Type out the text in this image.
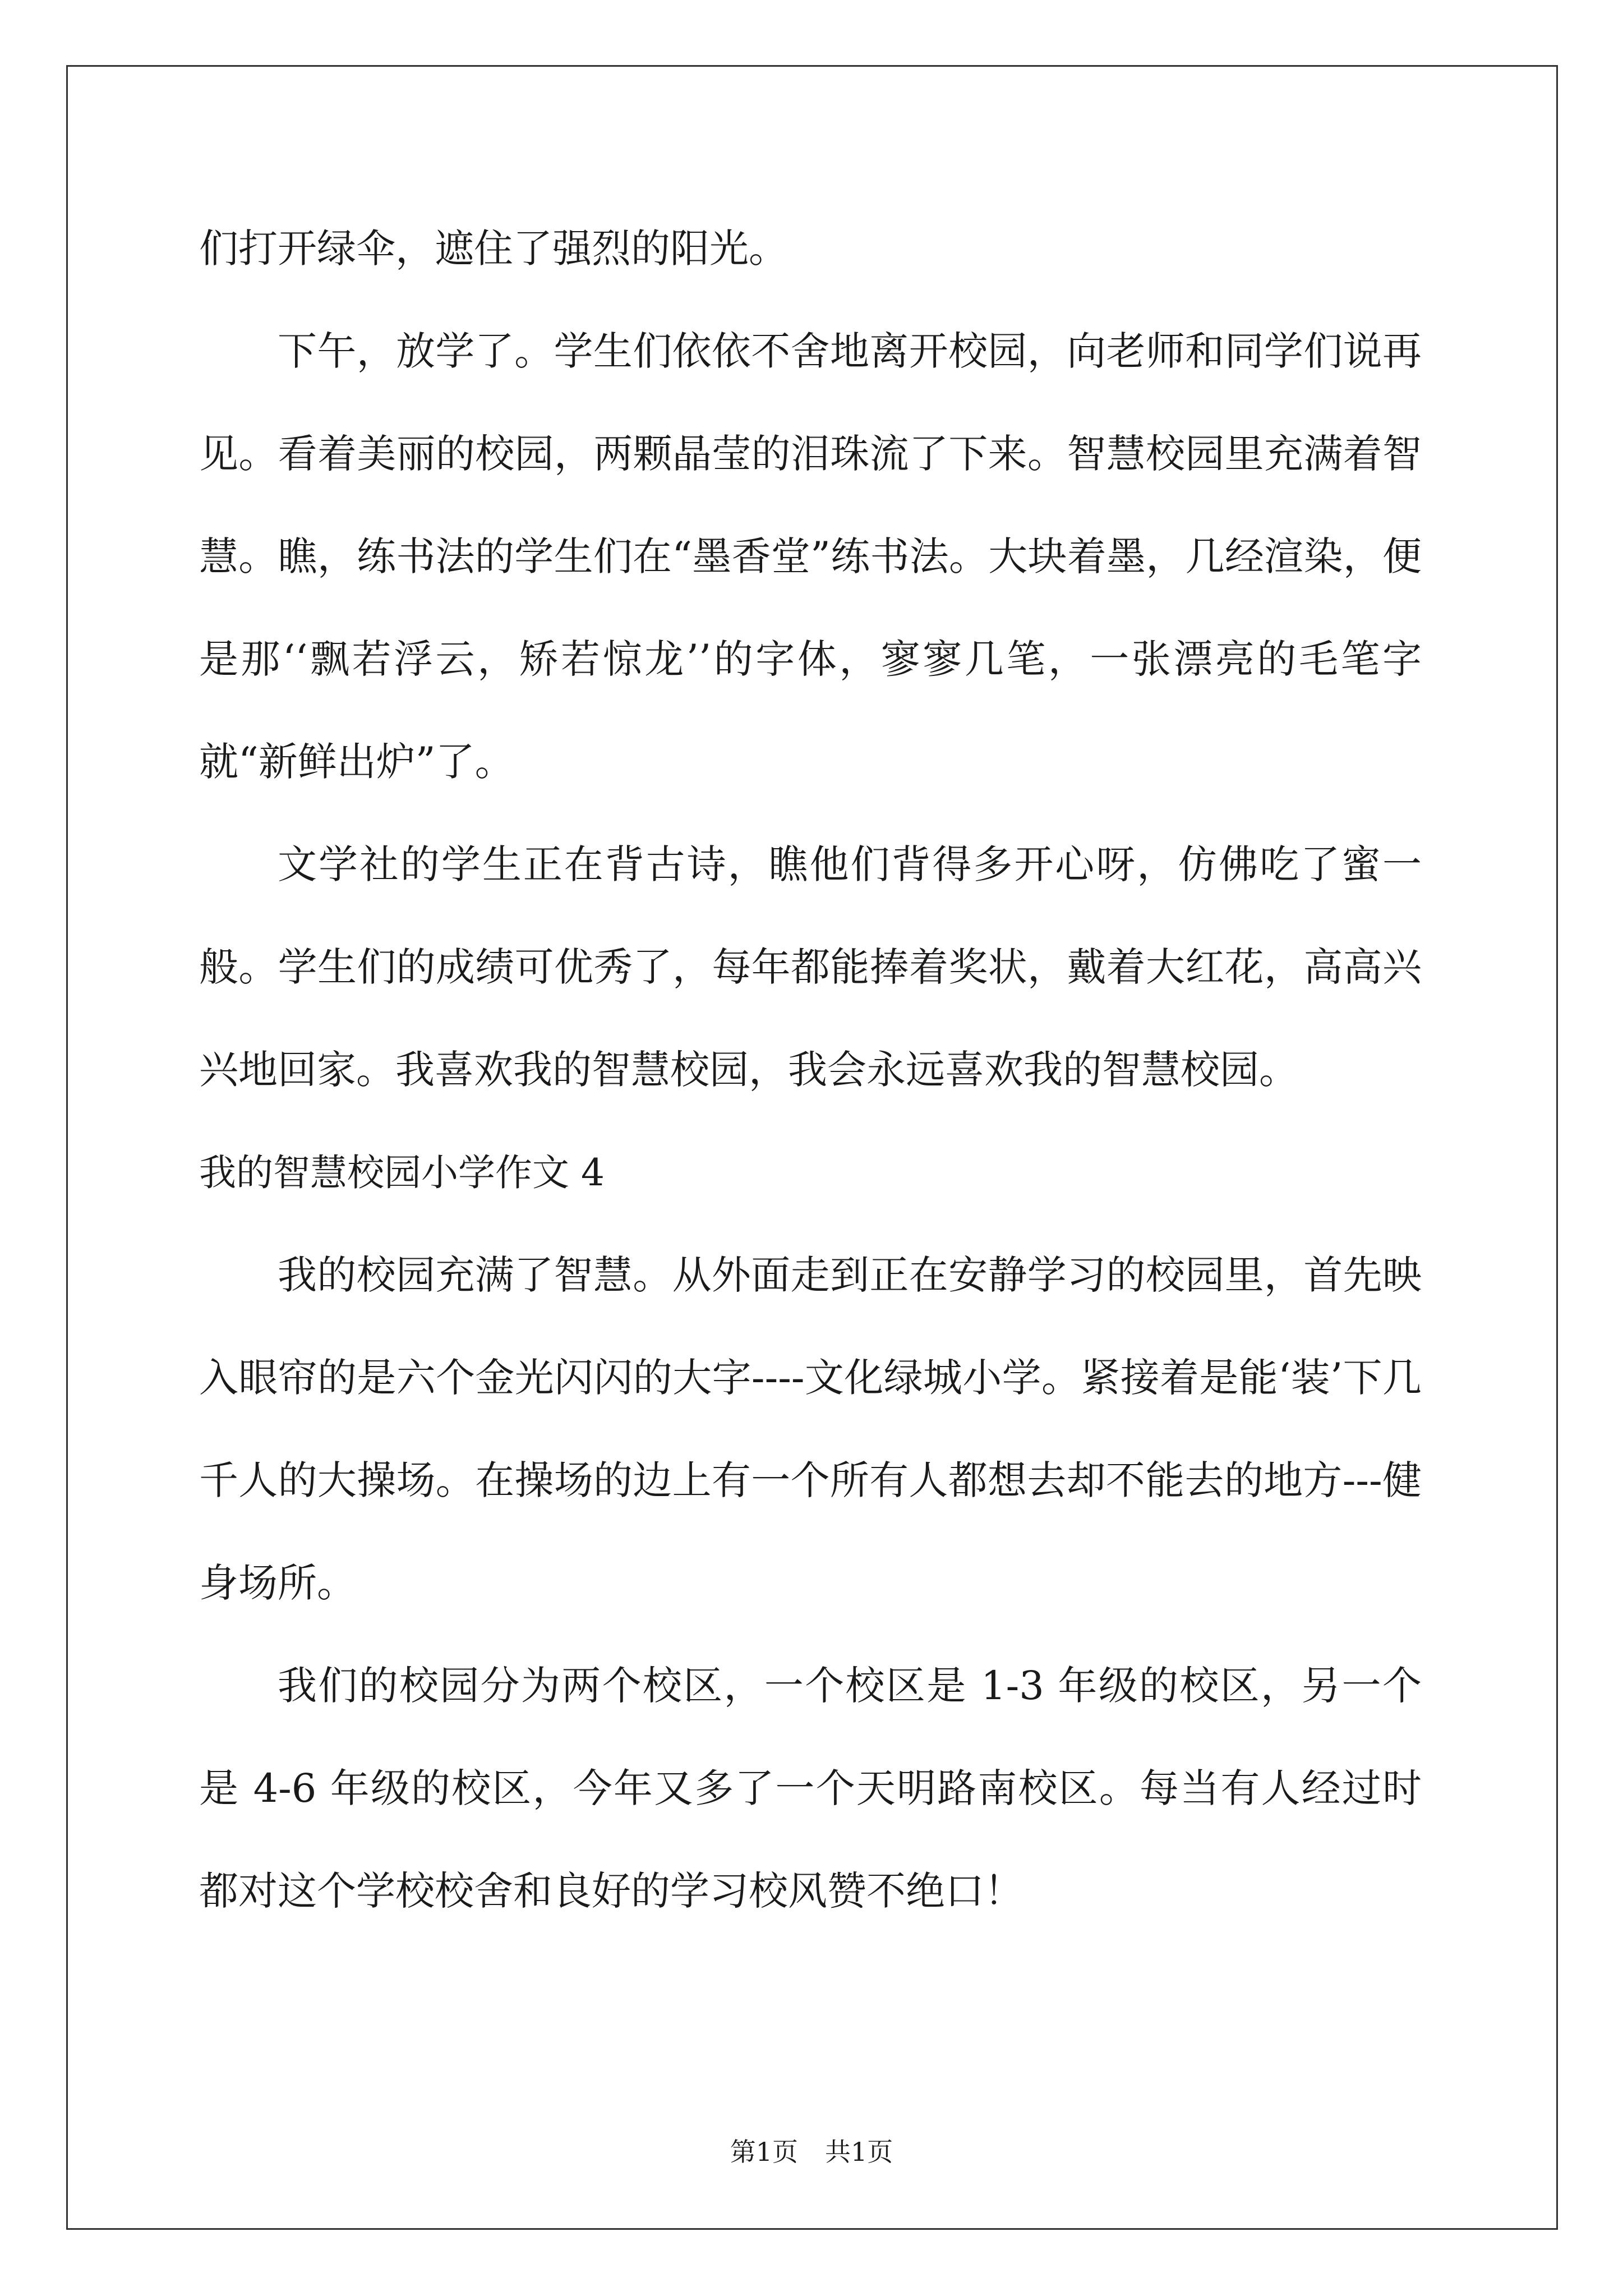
们打开绿伞，遮住了强烈的阳光。

下午，放学了。学生们依依不舍地离开校园，向老师和同学们说再见。看着美丽的校园，两颗晶莹的泪珠流了下来。智慧校园里充满着智慧。瞧，练书法的学生们在“墨香堂”练书法。大块着墨，几经渲染，便是那‘‘飘若浮云，矫若惊龙’’的字体，寥寥几笔，一张漂亮的毛笔字就“新鲜出炉”了。

文学社的学生正在背古诗，瞧他们背得多开心呀，仿佛吃了蜜一般。学生们的成绩可优秀了，每年都能捧着奖状，戴着大红花，高高兴兴地回家。我喜欢我的智慧校园，我会永远喜欢我的智慧校园。

我的智慧校园小学作文 4

我的校园充满了智慧。从外面走到正在安静学习的校园里，首先映入眼帘的是六个金光闪闪的大字----文化绿城小学。紧接着是能‘装’下几千人的大操场。在操场的边上有一个所有人都想去却不能去的地方---健身场所。

我们的校园分为两个校区，一个校区是 1-3 年级的校区，另一个是 4-6 年级的校区，今年又多了一个天明路南校区。每当有人经过时都对这个学校校舍和良好的学习校风赞不绝口！

第1页 共1页
